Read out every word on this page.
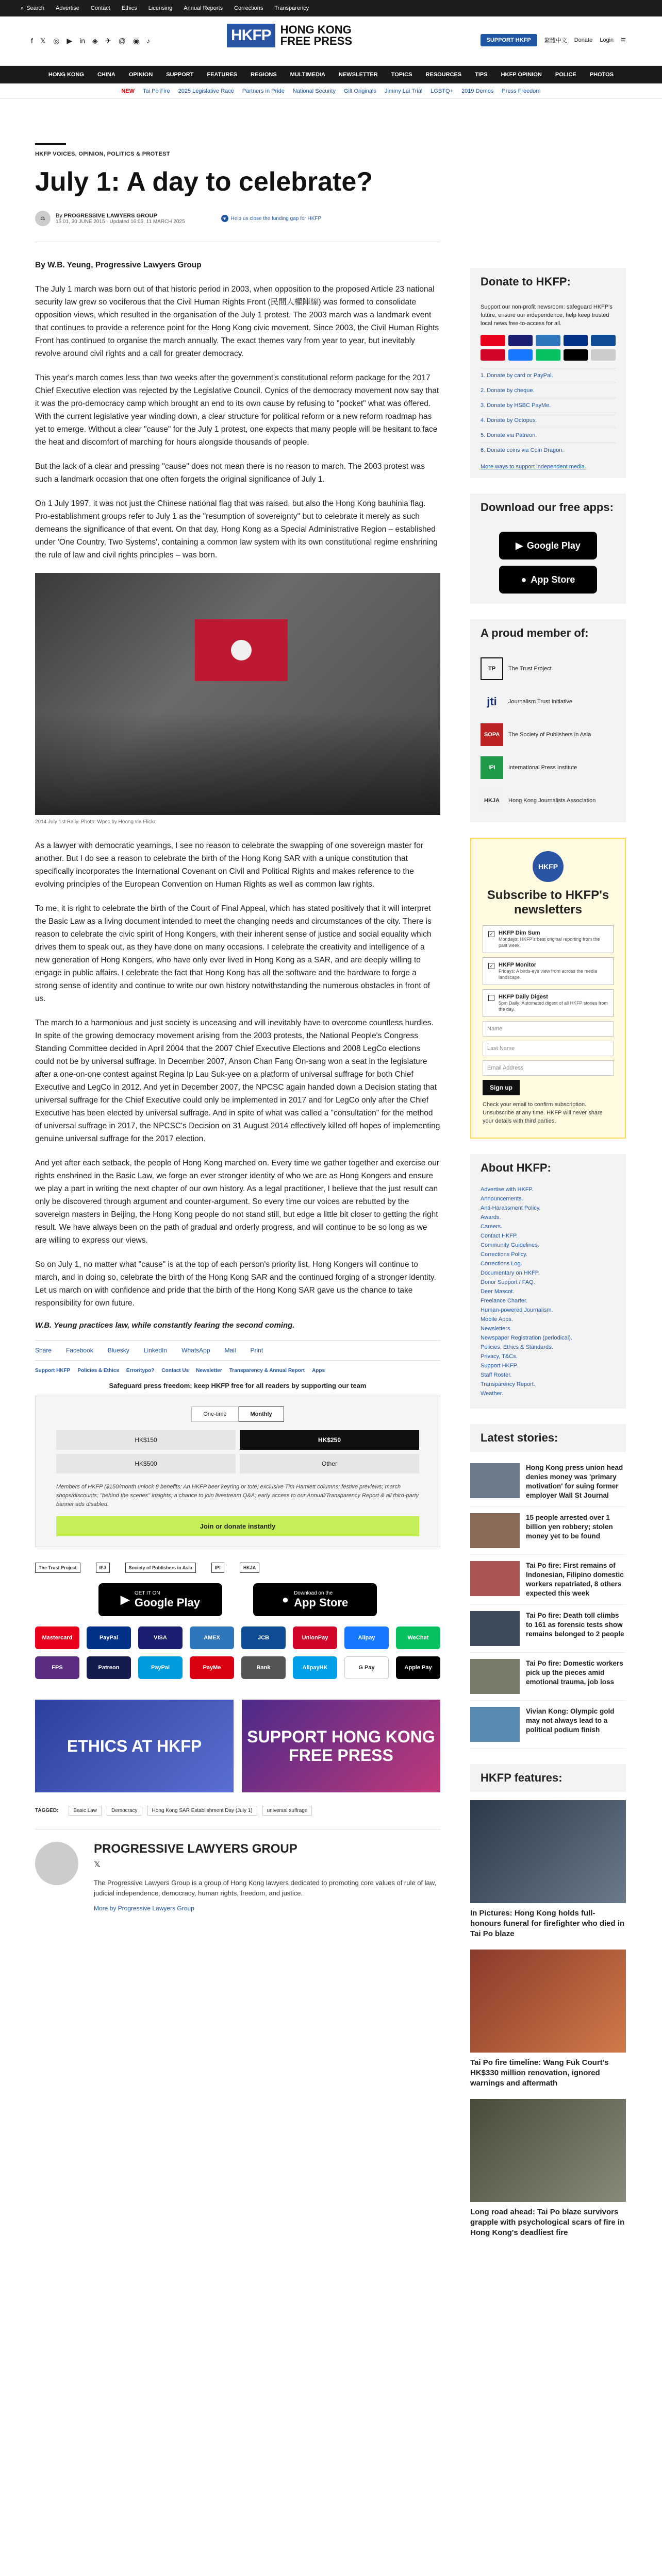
⌕ Search Advertise Contact Ethics Licensing Annual Reports Corrections Transparency
f 𝕏 ◎ ▶ in ◈ ✈ @ ◉ ♪	HKFP HONG KONG
FREE PRESS	SUPPORT HKFP	繁體中文 Donate Login ☰
HONG KONG CHINA OPINION SUPPORT FEATURES REGIONS MULTIMEDIA NEWSLETTER TOPICS RESOURCES TIPS HKFP OPINION POLICE PHOTOS
NEW Tai Po Fire 2025 Legislative Race Partners in Pride National Security Gilt Originals Jimmy Lai Trial LGBTQ+ 2019 Demos Press Freedom
HKFP VOICES, OPINION, POLITICS & PROTEST
July 1: A day to celebrate?
⚖	By PROGRESSIVE LAWYERS GROUP
15:01, 30 JUNE 2015 · Updated 16:05, 11 MARCH 2025
♥ Help us close the funding gap for HKFP

By W.B. Yeung, Progressive Lawyers Group

The July 1 march was born out of that historic period in 2003, when opposition to the proposed Article 23 national security law grew so vociferous that the Civil Human Rights Front (民間人權陣線) was formed to consolidate opposition views, which resulted in the organisation of the July 1 protest. The 2003 march was a landmark event that continues to provide a reference point for the Hong Kong civic movement. Since 2003, the Civil Human Rights Front has continued to organise the march annually. The exact themes vary from year to year, but inevitably revolve around civil rights and a call for greater democracy.

This year's march comes less than two weeks after the government's constitutional reform package for the 2017 Chief Executive election was rejected by the Legislative Council. Cynics of the democracy movement now say that it was the pro-democracy camp which brought an end to its own cause by refusing to "pocket" what was offered. With the current legislative year winding down, a clear structure for political reform or a new reform roadmap has yet to emerge. Without a clear "cause" for the July 1 protest, one expects that many people will be hesitant to face the heat and discomfort of marching for hours alongside thousands of people.

But the lack of a clear and pressing "cause" does not mean there is no reason to march. The 2003 protest was such a landmark occasion that one often forgets the original significance of July 1.

On 1 July 1997, it was not just the Chinese national flag that was raised, but also the Hong Kong bauhinia flag. Pro-establishment groups refer to July 1 as the "resumption of sovereignty" but to celebrate it merely as such demeans the significance of that event. On that day, Hong Kong as a Special Administrative Region – established under 'One Country, Two Systems', containing a common law system with its own constitutional regime enshrining the rule of law and civil rights principles – was born.

2014 July 1st Rally. Photo: Wpcc by Hoong via Flickr

As a lawyer with democratic yearnings, I see no reason to celebrate the swapping of one sovereign master for another. But I do see a reason to celebrate the birth of the Hong Kong SAR with a unique constitution that specifically incorporates the International Covenant on Civil and Political Rights and makes reference to the evolving principles of the European Convention on Human Rights as well as common law rights.

To me, it is right to celebrate the birth of the Court of Final Appeal, which has stated positively that it will interpret the Basic Law as a living document intended to meet the changing needs and circumstances of the city. There is reason to celebrate the civic spirit of Hong Kongers, with their inherent sense of justice and social equality which drives them to speak out, as they have done on many occasions. I celebrate the creativity and intelligence of a new generation of Hong Kongers, who have only ever lived in Hong Kong as a SAR, and are deeply willing to engage in public affairs. I celebrate the fact that Hong Kong has all the software and the hardware to forge a strong sense of identity and continue to write our own history notwithstanding the numerous obstacles in front of us.

The march to a harmonious and just society is unceasing and will inevitably have to overcome countless hurdles. In spite of the growing democracy movement arising from the 2003 protests, the National People's Congress Standing Committee decided in April 2004 that the 2007 Chief Executive Elections and 2008 LegCo elections could not be by universal suffrage. In December 2007, Anson Chan Fang On-sang won a seat in the legislature after a one-on-one contest against Regina Ip Lau Suk-yee on a platform of universal suffrage for both Chief Executive and LegCo in 2012. And yet in December 2007, the NPCSC again handed down a Decision stating that universal suffrage for the Chief Executive could only be implemented in 2017 and for LegCo only after the Chief Executive has been elected by universal suffrage. And in spite of what was called a "consultation" for the method of universal suffrage in 2017, the NPCSC's Decision on 31 August 2014 effectively killed off hopes of implementing genuine universal suffrage for the 2017 election.

And yet after each setback, the people of Hong Kong marched on. Every time we gather together and exercise our rights enshrined in the Basic Law, we forge an ever stronger identity of who we are as Hong Kongers and ensure we play a part in writing the next chapter of our own history. As a legal practitioner, I believe that the just result can only be discovered through argument and counter-argument. So every time our voices are rebutted by the sovereign masters in Beijing, the Hong Kong people do not stand still, but edge a little bit closer to getting the right result. We have always been on the path of gradual and orderly progress, and will continue to be so long as we are willing to express our views.

So on July 1, no matter what "cause" is at the top of each person's priority list, Hong Kongers will continue to march, and in doing so, celebrate the birth of the Hong Kong SAR and the continued forging of a stronger identity. Let us march on with confidence and pride that the birth of the Hong Kong SAR gave us the chance to take responsibility for own future.

W.B. Yeung practices law, while constantly fearing the second coming.

Share Facebook Bluesky LinkedIn WhatsApp Mail Print
Support HKFP Policies & Ethics Error/typo? Contact Us Newsletter Transparency & Annual Report Apps
Safeguard press freedom; keep HKFP free for all readers by supporting our team
One-time	Monthly
HK$150	HK$250
HK$500	Other

Members of HKFP ($150/month unlock 8 benefits: An HKFP beer keyring or tote; exclusive Tim Hamlett columns; festive previews; march shops/discounts; "behind the scenes" insights; a chance to join livestream Q&A; early access to our Annual/Transparency Report & all third-party banner ads disabled.

Join or donate instantly
The Trust Project	IFJ	Society of Publishers in Asia	IPI	HKJA
▶ GET IT ON
Google Play	● Download on the
App Store
Mastercard	PayPal	VISA	AMEX	JCB	UnionPay	Alipay	WeChat
FPS	Patreon	PayPal	PayMe	Bank	AlipayHK	G Pay	Apple Pay
ETHICS AT HKFP	SUPPORT HONG KONG FREE PRESS
TAGGED:	Basic Law	Democracy	Hong Kong SAR Establishment Day (July 1)	universal suffrage
PROGRESSIVE LAWYERS GROUP
𝕏

The Progressive Lawyers Group is a group of Hong Kong lawyers dedicated to promoting core values of rule of law, judicial independence, democracy, human rights, freedom, and justice.

More by Progressive Lawyers Group
Donate to HKFP:

Support our non-profit newsroom: safeguard HKFP's future, ensure our independence, help keep trusted local news free-to-access for all.

1. Donate by card or PayPal.
2. Donate by cheque.
3. Donate by HSBC PayMe.
4. Donate by Octopus.
5. Donate via Patreon.
6. Donate coins via Coin Dragon.

More ways to support independent media.

Download our free apps:
▶ Google Play
● App Store
A proud member of:
TP	The Trust Project
jti	Journalism Trust Initiative
SOPA	The Society of Publishers in Asia
IPI	International Press Institute
HKJA	Hong Kong Journalists Association
HKFP
Subscribe to HKFP's newsletters
✓ HKFP Dim Sum
Mondays: HKFP's best original reporting from the past week.
✓ HKFP Monitor
Fridays: A birds-eye view from across the media landscape.
HKFP Daily Digest
5pm Daily: Automated digest of all HKFP stories from the day.
Name
Last Name
Email Address
Sign up

Check your email to confirm subscription. Unsubscribe at any time. HKFP will never share your details with third parties.

About HKFP:
Advertise with HKFP.
Announcements.
Anti-Harassment Policy.
Awards.
Careers.
Contact HKFP.
Community Guidelines.
Corrections Policy.
Corrections Log.
Documentary on HKFP.
Donor Support / FAQ.
Deer Mascot.
Freelance Charter.
Human-powered Journalism.
Mobile Apps.
Newsletters.
Newspaper Registration (periodical).
Policies, Ethics & Standards.
Privacy, T&Cs.
Support HKFP.
Staff Roster.
Transparency Report.
Weather.
Latest stories:
Hong Kong press union head denies money was 'primary motivation' for suing former employer Wall St Journal
15 people arrested over 1 billion yen robbery; stolen money yet to be found
Tai Po fire: First remains of Indonesian, Filipino domestic workers repatriated, 8 others expected this week
Tai Po fire: Death toll climbs to 161 as forensic tests show remains belonged to 2 people
Tai Po fire: Domestic workers pick up the pieces amid emotional trauma, job loss
Vivian Kong: Olympic gold may not always lead to a political podium finish
HKFP features:
In Pictures: Hong Kong holds full-honours funeral for firefighter who died in Tai Po blaze
Tai Po fire timeline: Wang Fuk Court's HK$330 million renovation, ignored warnings and aftermath
Long road ahead: Tai Po blaze survivors grapple with psychological scars of fire in Hong Kong's deadliest fire
